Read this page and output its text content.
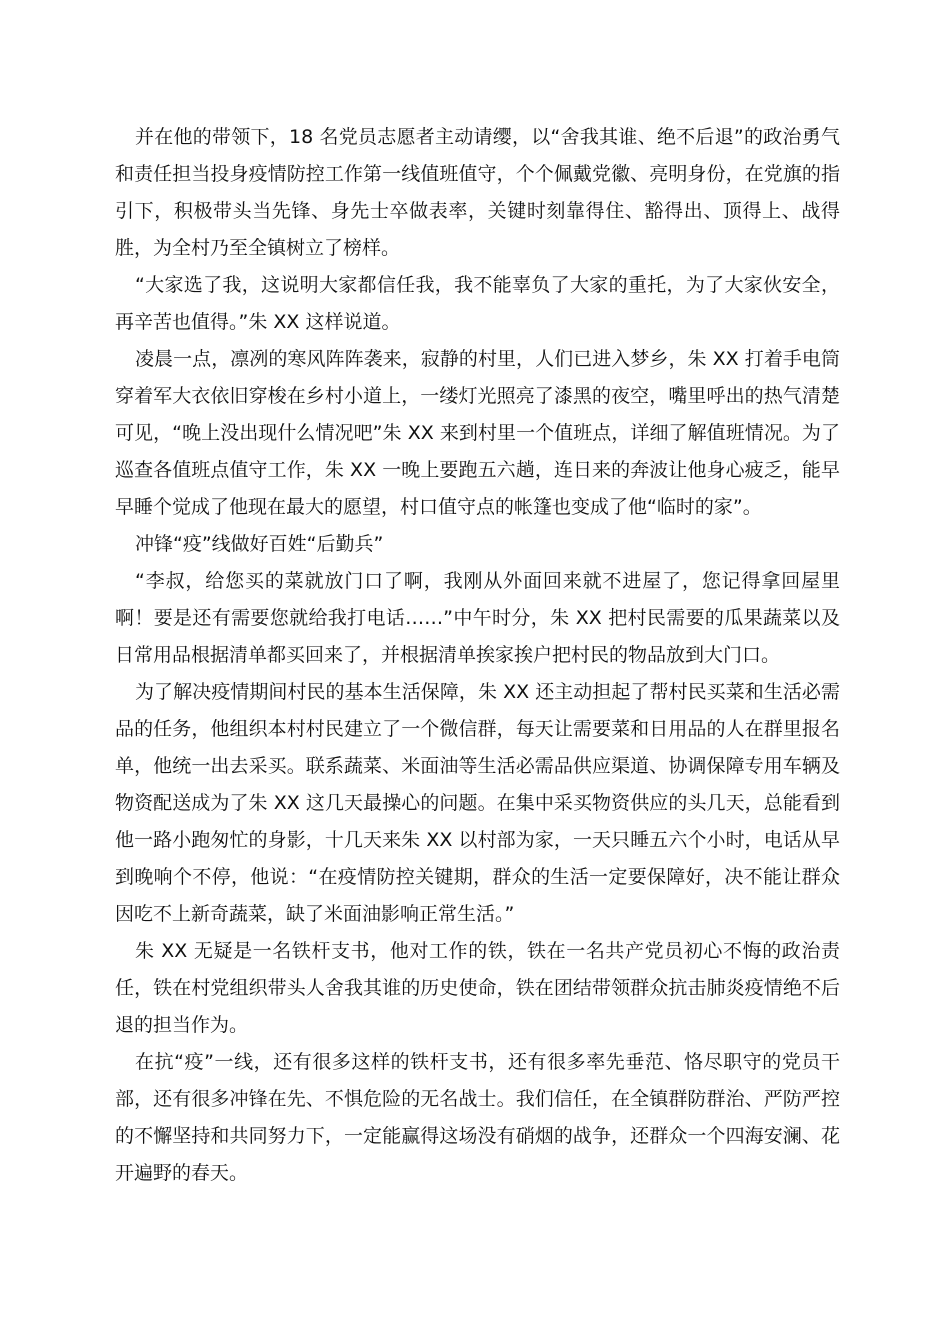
并在他的带领下，18 名党员志愿者主动请缨，以“舍我其谁、绝不后退”的政治勇气和责任担当投身疫情防控工作第一线值班值守，个个佩戴党徽、亮明身份，在党旗的指引下，积极带头当先锋、身先士卒做表率，关键时刻靠得住、豁得出、顶得上、战得胜，为全村乃至全镇树立了榜样。

“大家选了我，这说明大家都信任我，我不能辜负了大家的重托，为了大家伙安全，再辛苦也值得。”朱 XX 这样说道。

凌晨一点，凛冽的寒风阵阵袭来，寂静的村里，人们已进入梦乡，朱 XX 打着手电筒穿着军大衣依旧穿梭在乡村小道上，一缕灯光照亮了漆黑的夜空，嘴里呼出的热气清楚可见，“晚上没出现什么情况吧”朱 XX 来到村里一个值班点，详细了解值班情况。为了巡查各值班点值守工作，朱 XX 一晚上要跑五六趟，连日来的奔波让他身心疲乏，能早早睡个觉成了他现在最大的愿望，村口值守点的帐篷也变成了他“临时的家”。

冲锋“疫”线做好百姓“后勤兵”

“李叔，给您买的菜就放门口了啊，我刚从外面回来就不进屋了，您记得拿回屋里啊！要是还有需要您就给我打电话……”中午时分，朱 XX 把村民需要的瓜果蔬菜以及日常用品根据清单都买回来了，并根据清单挨家挨户把村民的物品放到大门口。

为了解决疫情期间村民的基本生活保障，朱 XX 还主动担起了帮村民买菜和生活必需品的任务，他组织本村村民建立了一个微信群，每天让需要菜和日用品的人在群里报名单，他统一出去采买。联系蔬菜、米面油等生活必需品供应渠道、协调保障专用车辆及物资配送成为了朱 XX 这几天最操心的问题。在集中采买物资供应的头几天，总能看到他一路小跑匆忙的身影，十几天来朱 XX 以村部为家，一天只睡五六个小时，电话从早到晚响个不停，他说：“在疫情防控关键期，群众的生活一定要保障好，决不能让群众因吃不上新奇蔬菜，缺了米面油影响正常生活。”

朱 XX 无疑是一名铁杆支书，他对工作的铁，铁在一名共产党员初心不悔的政治责任，铁在村党组织带头人舍我其谁的历史使命，铁在团结带领群众抗击肺炎疫情绝不后退的担当作为。

在抗“疫”一线，还有很多这样的铁杆支书，还有很多率先垂范、恪尽职守的党员干部，还有很多冲锋在先、不惧危险的无名战士。我们信任，在全镇群防群治、严防严控的不懈坚持和共同努力下，一定能赢得这场没有硝烟的战争，还群众一个四海安澜、花开遍野的春天。
